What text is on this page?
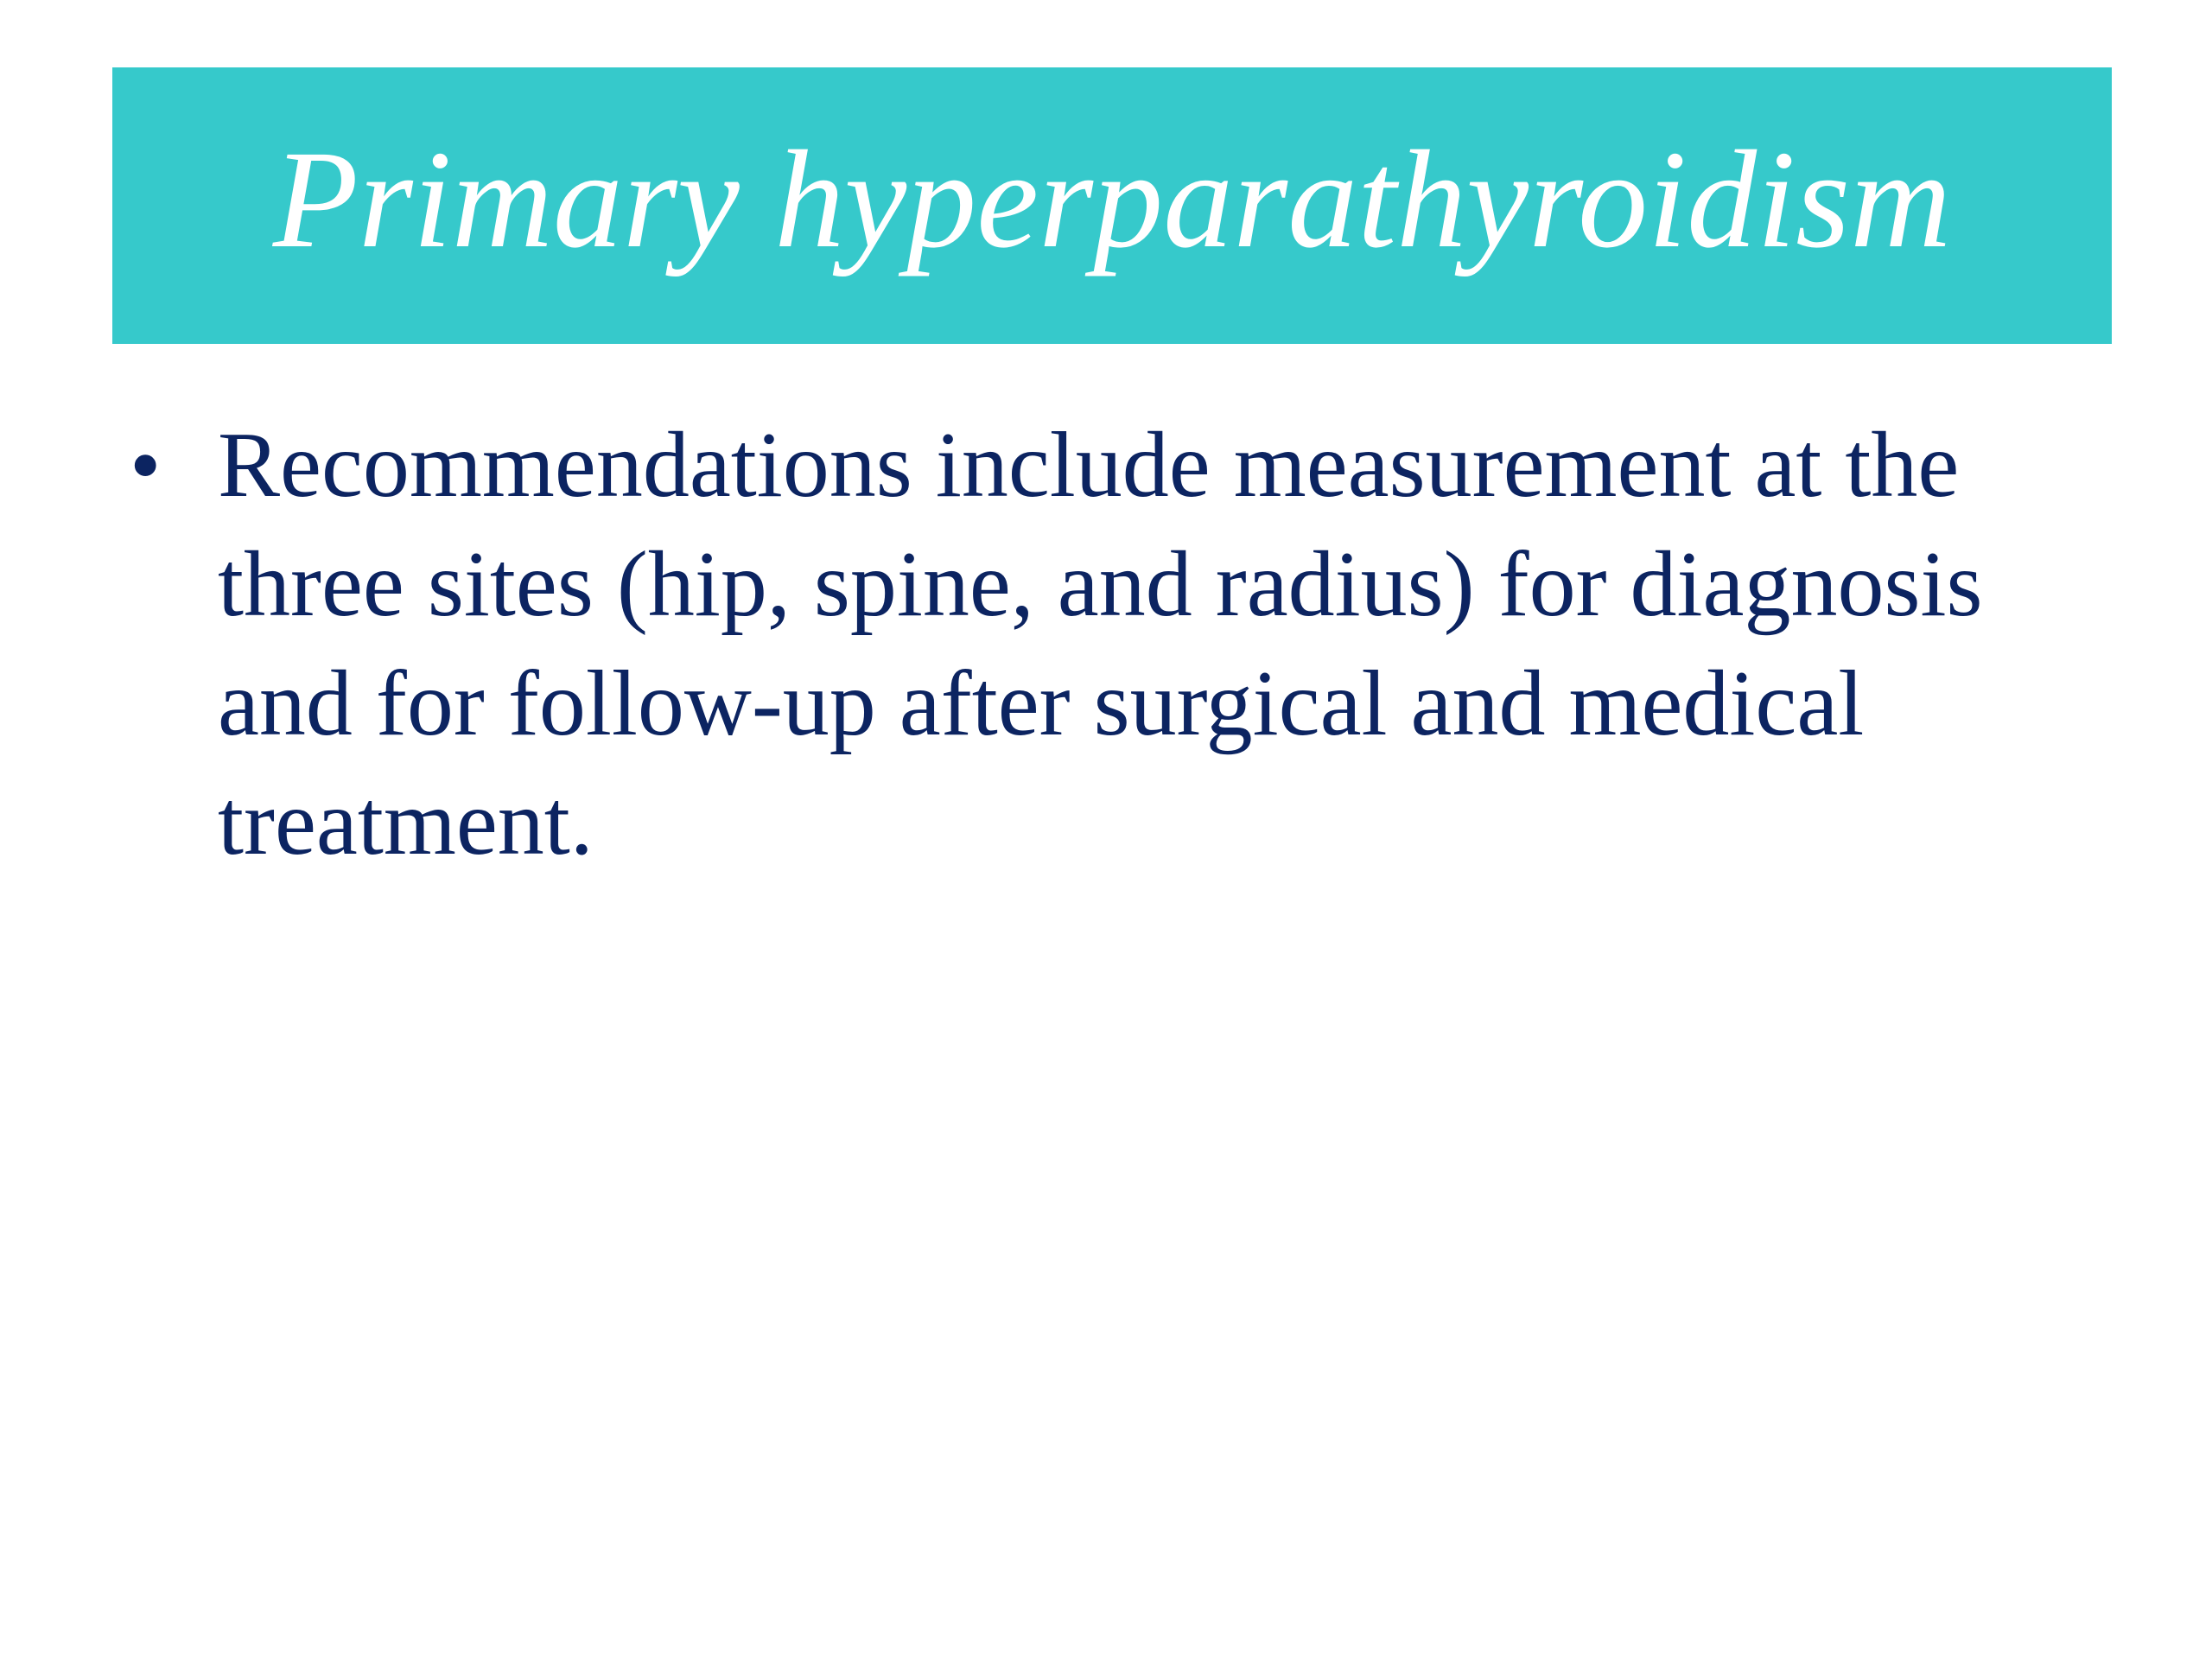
Primary hyperparathyroidism
• Recommendations include measurement at the three sites (hip, spine, and radius) for diagnosis and for follow-up after surgical and medical treatment.
